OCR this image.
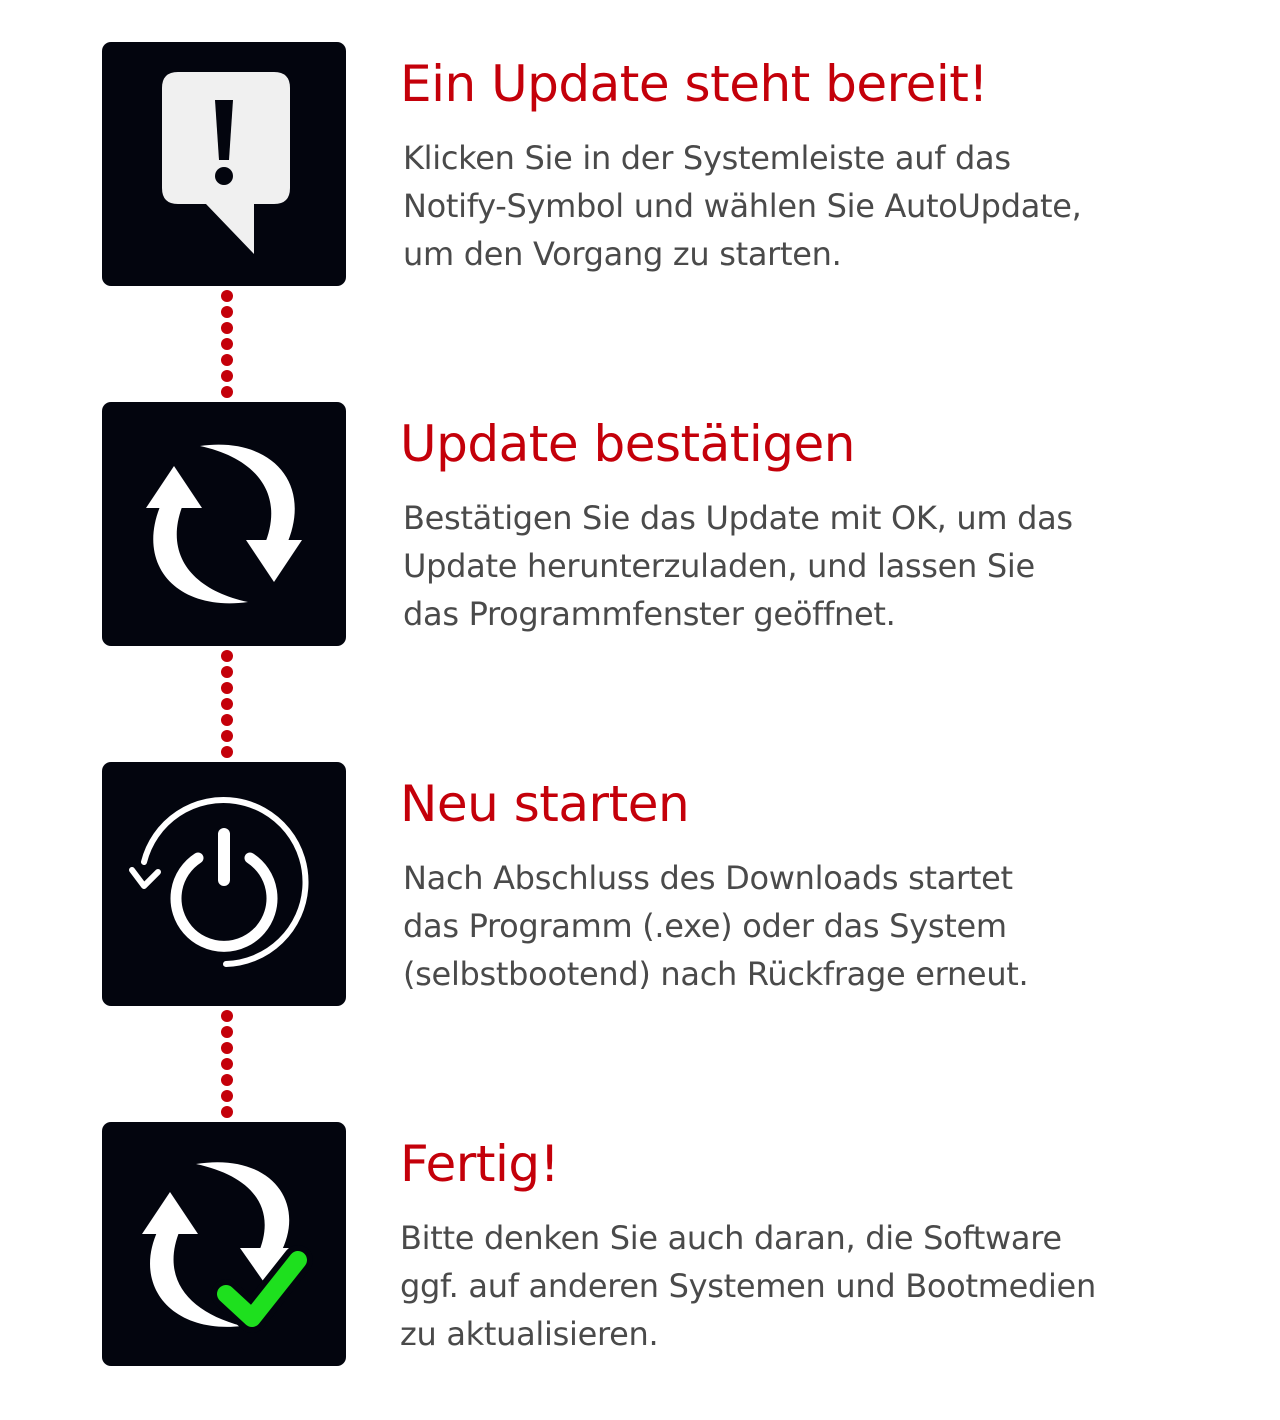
Ein Update steht bereit!

Klicken Sie in der Systemleiste auf das
Notify-Symbol und wählen Sie AutoUpdate,
um den Vorgang zu starten.

Update bestätigen

Bestätigen Sie das Update mit OK, um das
Update herunterzuladen, und lassen Sie
das Programmfenster geöffnet.

Neu starten

Nach Abschluss des Downloads startet
das Programm (.exe) oder das System
(selbstbootend) nach Rückfrage erneut.

Fertig!

Bitte denken Sie auch daran, die Software
ggf. auf anderen Systemen und Bootmedien
zu aktualisieren.
